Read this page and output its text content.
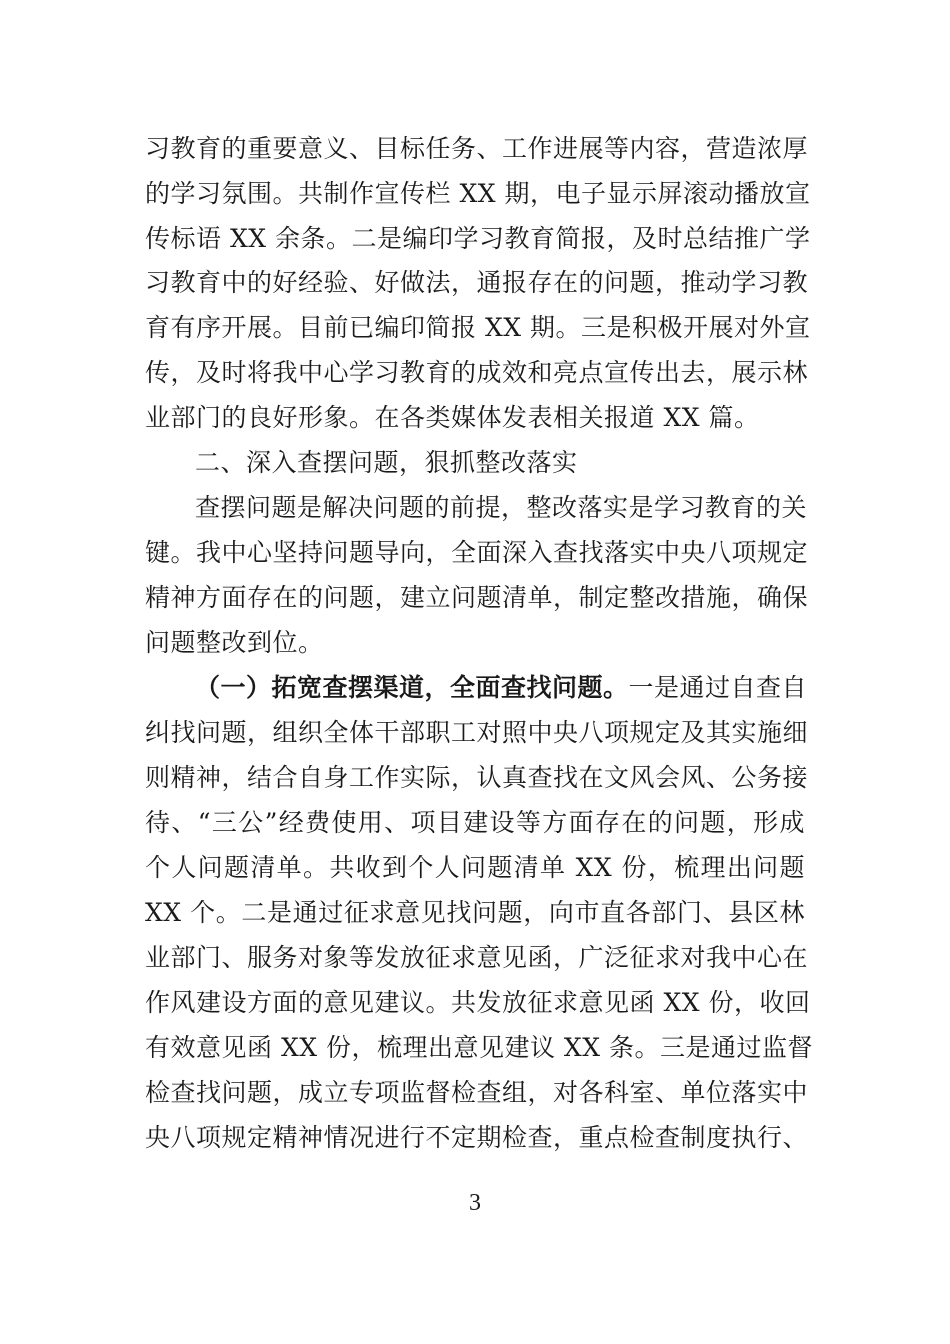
习教育的重要意义、目标任务、工作进展等内容，营造浓厚
的学习氛围。共制作宣传栏 XX 期，电子显示屏滚动播放宣
传标语 XX 余条。二是编印学习教育简报，及时总结推广学
习教育中的好经验、好做法，通报存在的问题，推动学习教
育有序开展。目前已编印简报 XX 期。三是积极开展对外宣
传，及时将我中心学习教育的成效和亮点宣传出去，展示林
业部门的良好形象。在各类媒体发表相关报道 XX 篇。
二、深入查摆问题，狠抓整改落实
查摆问题是解决问题的前提，整改落实是学习教育的关
键。我中心坚持问题导向，全面深入查找落实中央八项规定
精神方面存在的问题，建立问题清单，制定整改措施，确保
问题整改到位。
（一）拓宽查摆渠道，全面查找问题。 一是通过自查自
纠找问题，组织全体干部职工对照中央八项规定及其实施细
则精神，结合自身工作实际，认真查找在文风会风、公务接
待、“三公”经费使用、项目建设等方面存在的问题，形成
个人问题清单。共收到个人问题清单 XX 份，梳理出问题
XX 个。二是通过征求意见找问题，向市直各部门、县区林
业部门、服务对象等发放征求意见函，广泛征求对我中心在
作风建设方面的意见建议。共发放征求意见函 XX 份，收回
有效意见函 XX 份，梳理出意见建议 XX 条。三是通过监督
检查找问题，成立专项监督检查组，对各科室、单位落实中
央八项规定精神情况进行不定期检查，重点检查制度执行、
3
